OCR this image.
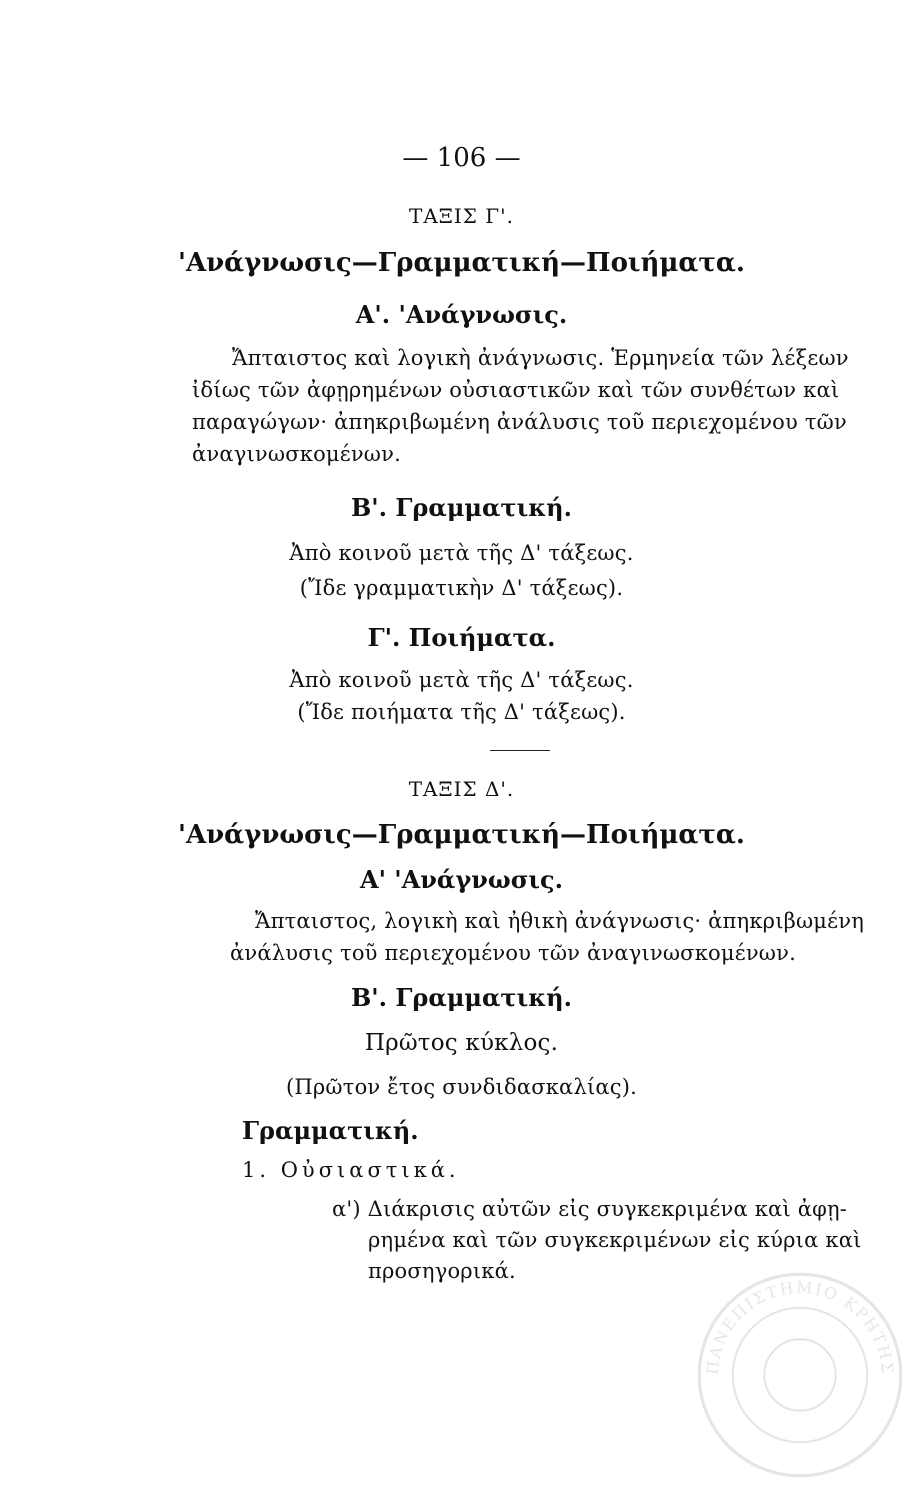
— 106 —
ΤΑΞΙΣ Γ'.
'Ανάγνωσις—Γραμματική—Ποιήματα.
Α'. 'Ανάγνωσις.
Ἄπταιστος καὶ λογικὴ ἀνάγνωσις. Ἑρμηνεία τῶν λέξεων
ἰδίως τῶν ἀφῃρημένων οὐσιαστικῶν καὶ τῶν συνθέτων καὶ
παραγώγων· ἀπηκριβωμένη ἀνάλυσις τοῦ περιεχομένου τῶν
ἀναγινωσκομένων.
Β'. Γραμματική.
Ἀπὸ κοινοῦ μετὰ τῆς Δ' τάξεως.
(Ἴδε γραμματικὴν Δ' τάξεως).
Γ'. Ποιήματα.
Ἀπὸ κοινοῦ μετὰ τῆς Δ' τάξεως.
(Ἴδε ποιήματα τῆς Δ' τάξεως).
ΤΑΞΙΣ Δ'.
'Ανάγνωσις—Γραμματική—Ποιήματα.
Α' 'Ανάγνωσις.
Ἄπταιστος, λογικὴ καὶ ἠθικὴ ἀνάγνωσις· ἀπηκριβωμένη
ἀνάλυσις τοῦ περιεχομένου τῶν ἀναγινωσκομένων.
Β'. Γραμματική.
Πρῶτος κύκλος.
(Πρῶτον ἔτος συνδιδασκαλίας).
Γραμματική.
1. Οὐσιαστικά.
α') Διάκρισις αὐτῶν εἰς συγκεκριμένα καὶ ἀφῃ-
ρημένα καὶ τῶν συγκεκριμένων εἰς κύρια καὶ
προσηγορικά.
ΠΑΝΕΠΙΣΤΗΜΙΟ ΚΡΗΤΗΣ
